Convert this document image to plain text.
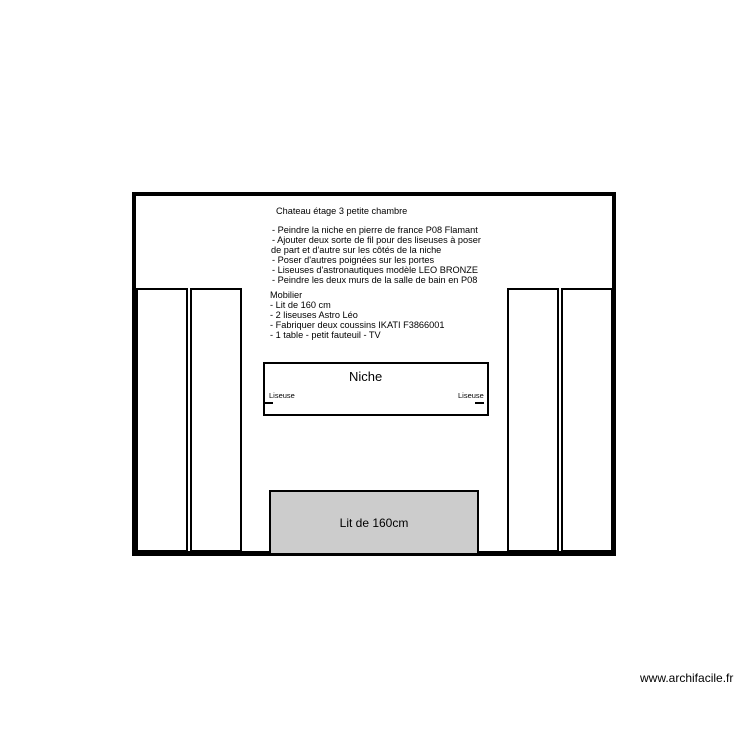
Chateau étage 3 petite chambre
- Peindre la niche en pierre de france P08 Flamant
- Ajouter deux sorte de fil pour des liseuses à poser
de part et d'autre sur les côtés de la niche
- Poser d'autres poignées sur les portes
- Liseuses d'astronautiques modèle LEO BRONZE
- Peindre les deux murs de la salle de bain en P08
Mobilier
- Lit de 160 cm
- 2 liseuses Astro Léo
- Fabriquer deux coussins IKATI F3866001
- 1 table - petit fauteuil - TV
Niche
Liseuse	Liseuse
Lit de 160cm
www.archifacile.fr
